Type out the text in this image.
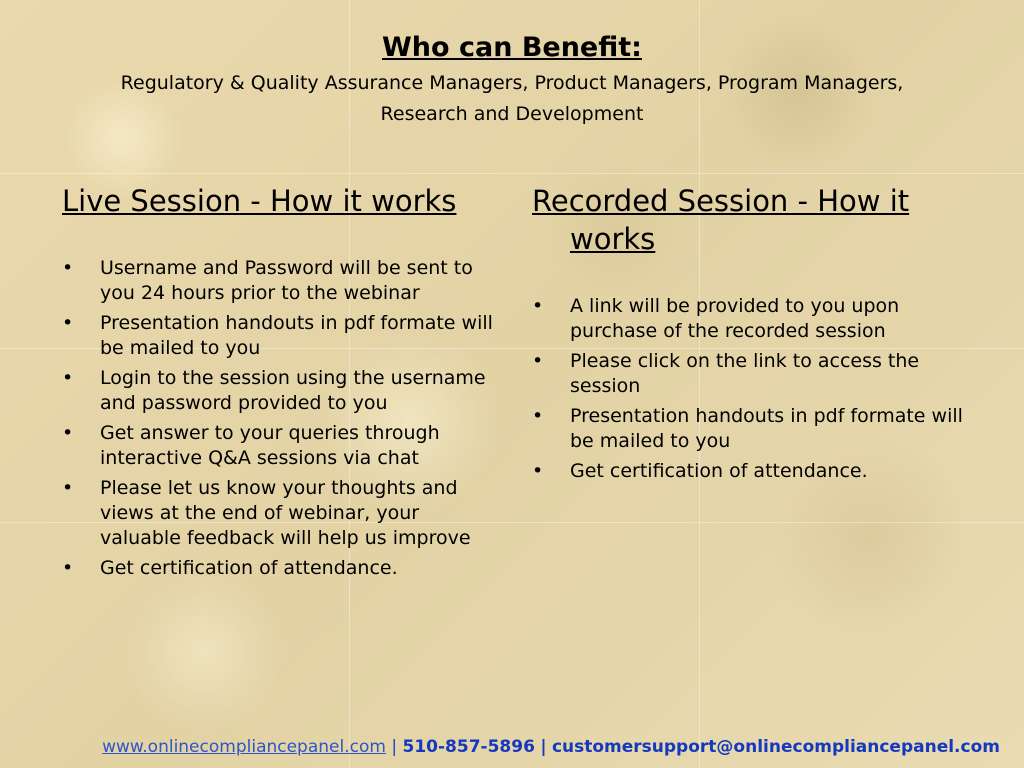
Who can Benefit:

Regulatory & Quality Assurance Managers, Product Managers, Program Managers,
Research and Development

Live Session - How it works

•	Username and Password will be sent to you 24 hours prior to the webinar
•	Presentation handouts in pdf formate will be mailed to you
•	Login to the session using the username and password provided to you
•	Get answer to your queries through interactive Q&A sessions via chat
•	Please let us know your thoughts and views at the end of webinar, your valuable feedback will help us improve
•	Get certification of attendance.

Recorded Session - How it works

•	A link will be provided to you upon purchase of the recorded session
•	Please click on the link to access the session
•	Presentation handouts in pdf formate will be mailed to you
•	Get certification of attendance.
www.onlinecompliancepanel.com | 510-857-5896 | customersupport@onlinecompliancepanel.com
